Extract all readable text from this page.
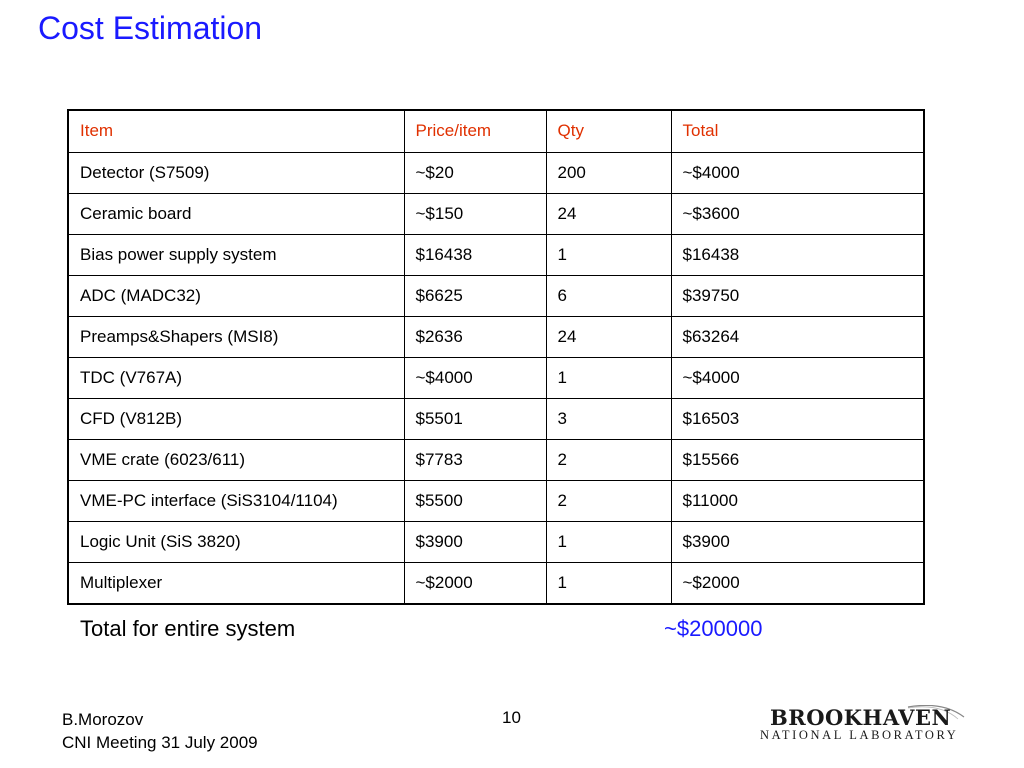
Cost Estimation
Item	Price/item	Qty	Total
Detector (S7509)	~$20	200	~$4000
Ceramic board	~$150	24	~$3600
Bias power supply system	$16438	1	$16438
ADC (MADC32)	$6625	6	$39750
Preamps&Shapers (MSI8)	$2636	24	$63264
TDC (V767A)	~$4000	1	~$4000
CFD (V812B)	$5501	3	$16503
VME crate (6023/611)	$7783	2	$15566
VME-PC interface (SiS3104/1104)	$5500	2	$11000
Logic Unit (SiS 3820)	$3900	1	$3900
Multiplexer	~$2000	1	~$2000
Total for entire system	~$200000
B.Morozov
CNI Meeting 31 July 2009
10	BROOKHAVEN
NATIONAL LABORATORY
